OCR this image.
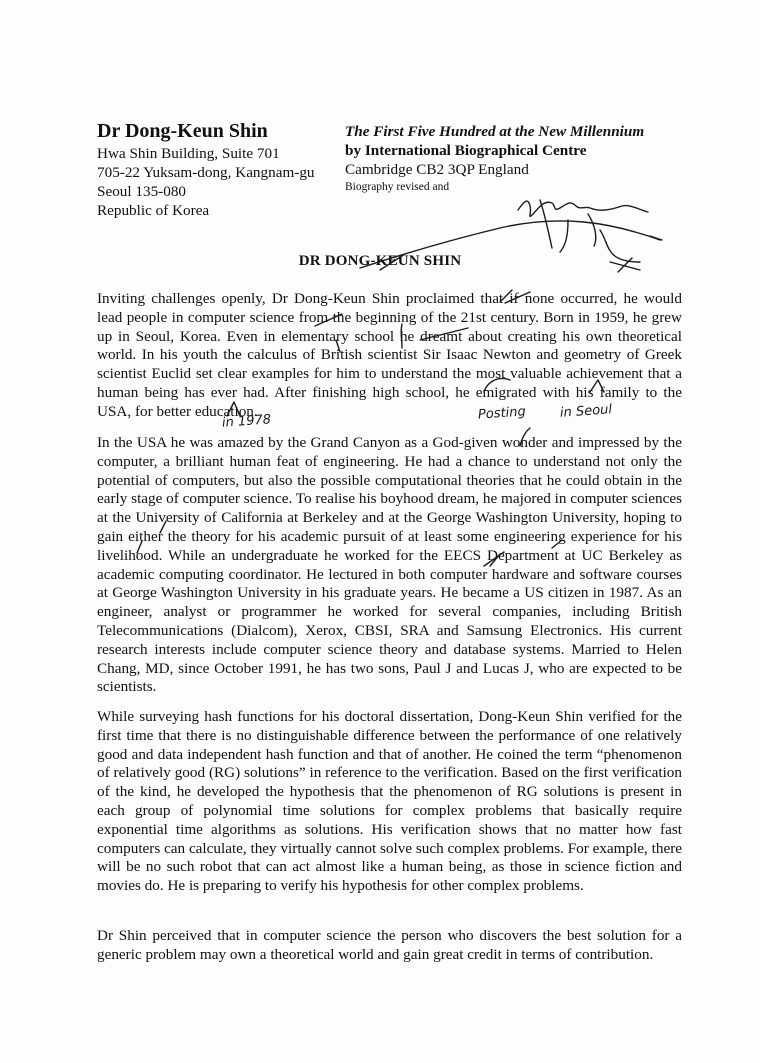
Dr Dong-Keun Shin
Hwa Shin Building, Suite 701
705-22 Yuksam-dong, Kangnam-gu
Seoul 135-080
Republic of Korea
The First Five Hundred at the New Millennium
by International Biographical Centre
Cambridge CB2 3QP England
Biography revised and
DR DONG-KEUN SHIN

Inviting challenges openly, Dr Dong-Keun Shin proclaimed that if none occurred, he would lead people in computer science from the beginning of the 21st century. Born in 1959, he grew up in Seoul, Korea. Even in elementary school he dreamt about creating his own theoretical world. In his youth the calculus of British scientist Sir Isaac Newton and geometry of Greek scientist Euclid set clear examples for him to understand the most valuable achievement that a human being has ever had. After finishing high school, he emigrated with his family to the USA, for better education.

In the USA he was amazed by the Grand Canyon as a God-given wonder and impressed by the computer, a brilliant human feat of engineering. He had a chance to understand not only the potential of computers, but also the possible computational theories that he could obtain in the early stage of computer science. To realise his boyhood dream, he majored in computer sciences at the University of California at Berkeley and at the George Washington University, hoping to gain either the theory for his academic pursuit of at least some engineering experience for his livelihood. While an undergraduate he worked for the EECS Department at UC Berkeley as academic computing coordinator. He lectured in both computer hardware and software courses at George Washington University in his graduate years. He became a US citizen in 1987. As an engineer, analyst or programmer he worked for several companies, including British Telecommunications (Dialcom), Xerox, CBSI, SRA and Samsung Electronics. His current research interests include computer science theory and database systems. Married to Helen Chang, MD, since October 1991, he has two sons, Paul J and Lucas J, who are expected to be scientists.

While surveying hash functions for his doctoral dissertation, Dong-Keun Shin verified for the first time that there is no distinguishable difference between the performance of one relatively good and data independent hash function and that of another. He coined the term “phenomenon of relatively good (RG) solutions” in reference to the verification. Based on the first verification of the kind, he developed the hypothesis that the phenomenon of RG solutions is present in each group of polynomial time solutions for complex problems that basically require exponential time algorithms as solutions. His verification shows that no matter how fast computers can calculate, they virtually cannot solve such complex problems. For example, there will be no such robot that can act almost like a human being, as those in science fiction and movies do. He is preparing to verify his hypothesis for other complex problems.

Dr Shin perceived that in computer science the person who discovers the best solution for a generic problem may own a theoretical world and gain great credit in terms of contribution.

in 1978	Posting	in Seoul
